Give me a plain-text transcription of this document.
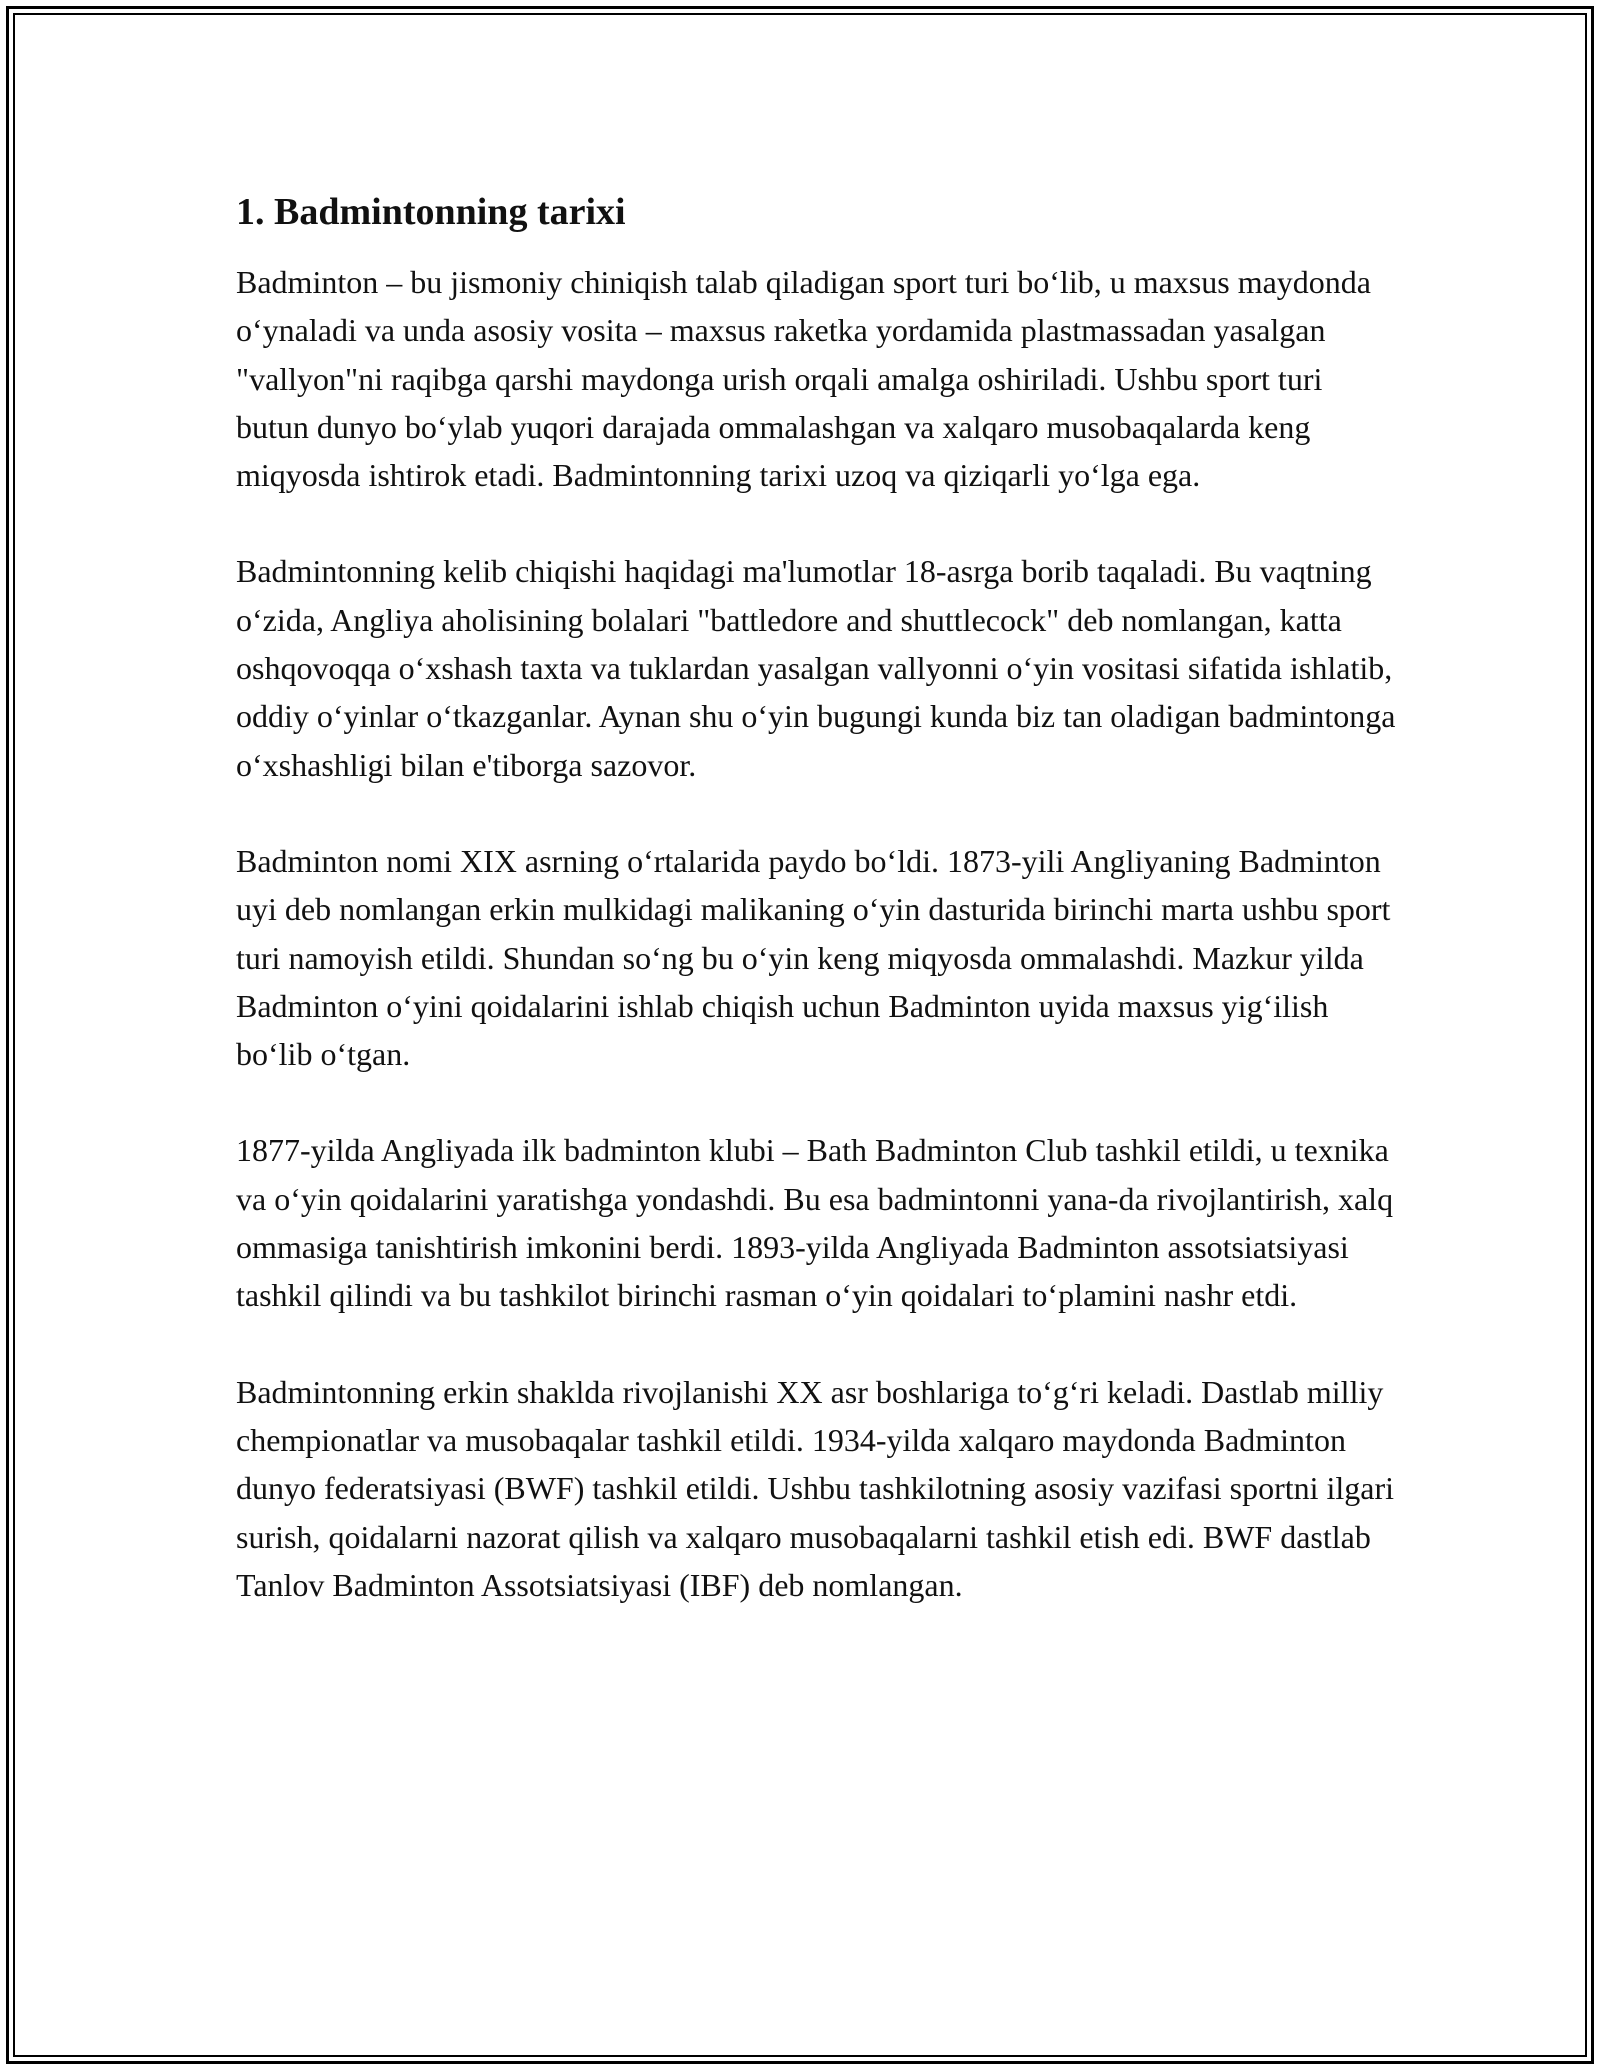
1. Badmintonning tarixi

Badminton – bu jismoniy chiniqish talab qiladigan sport turi bo‘lib, u maxsus maydonda o‘ynaladi va unda asosiy vosita – maxsus raketka yordamida plastmassadan yasalgan "vallyon"ni raqibga qarshi maydonga urish orqali amalga oshiriladi. Ushbu sport turi butun dunyo bo‘ylab yuqori darajada ommalashgan va xalqaro musobaqalarda keng miqyosda ishtirok etadi. Badmintonning tarixi uzoq va qiziqarli yo‘lga ega.

Badmintonning kelib chiqishi haqidagi ma'lumotlar 18-asrga borib taqaladi. Bu vaqtning o‘zida, Angliya aholisining bolalari "battledore and shuttlecock" deb nomlangan, katta oshqovoqqa o‘xshash taxta va tuklardan yasalgan vallyonni o‘yin vositasi sifatida ishlatib, oddiy o‘yinlar o‘tkazganlar. Aynan shu o‘yin bugungi kunda biz tan oladigan badmintonga o‘xshashligi bilan e'tiborga sazovor.

Badminton nomi XIX asrning o‘rtalarida paydo bo‘ldi. 1873-yili Angliyaning Badminton uyi deb nomlangan erkin mulkidagi malikaning o‘yin dasturida birinchi marta ushbu sport turi namoyish etildi. Shundan so‘ng bu o‘yin keng miqyosda ommalashdi. Mazkur yilda Badminton o‘yini qoidalarini ishlab chiqish uchun Badminton uyida maxsus yig‘ilish bo‘lib o‘tgan.

1877-yilda Angliyada ilk badminton klubi – Bath Badminton Club tashkil etildi, u texnika va o‘yin qoidalarini yaratishga yondashdi. Bu esa badmintonni yana-da rivojlantirish, xalq ommasiga tanishtirish imkonini berdi. 1893-yilda Angliyada Badminton assotsiatsiyasi tashkil qilindi va bu tashkilot birinchi rasman o‘yin qoidalari to‘plamini nashr etdi.

Badmintonning erkin shaklda rivojlanishi XX asr boshlariga to‘g‘ri keladi. Dastlab milliy chempionatlar va musobaqalar tashkil etildi. 1934-yilda xalqaro maydonda Badminton dunyo federatsiyasi (BWF) tashkil etildi. Ushbu tashkilotning asosiy vazifasi sportni ilgari surish, qoidalarni nazorat qilish va xalqaro musobaqalarni tashkil etish edi. BWF dastlab Tanlov Badminton Assotsiatsiyasi (IBF) deb nomlangan.
